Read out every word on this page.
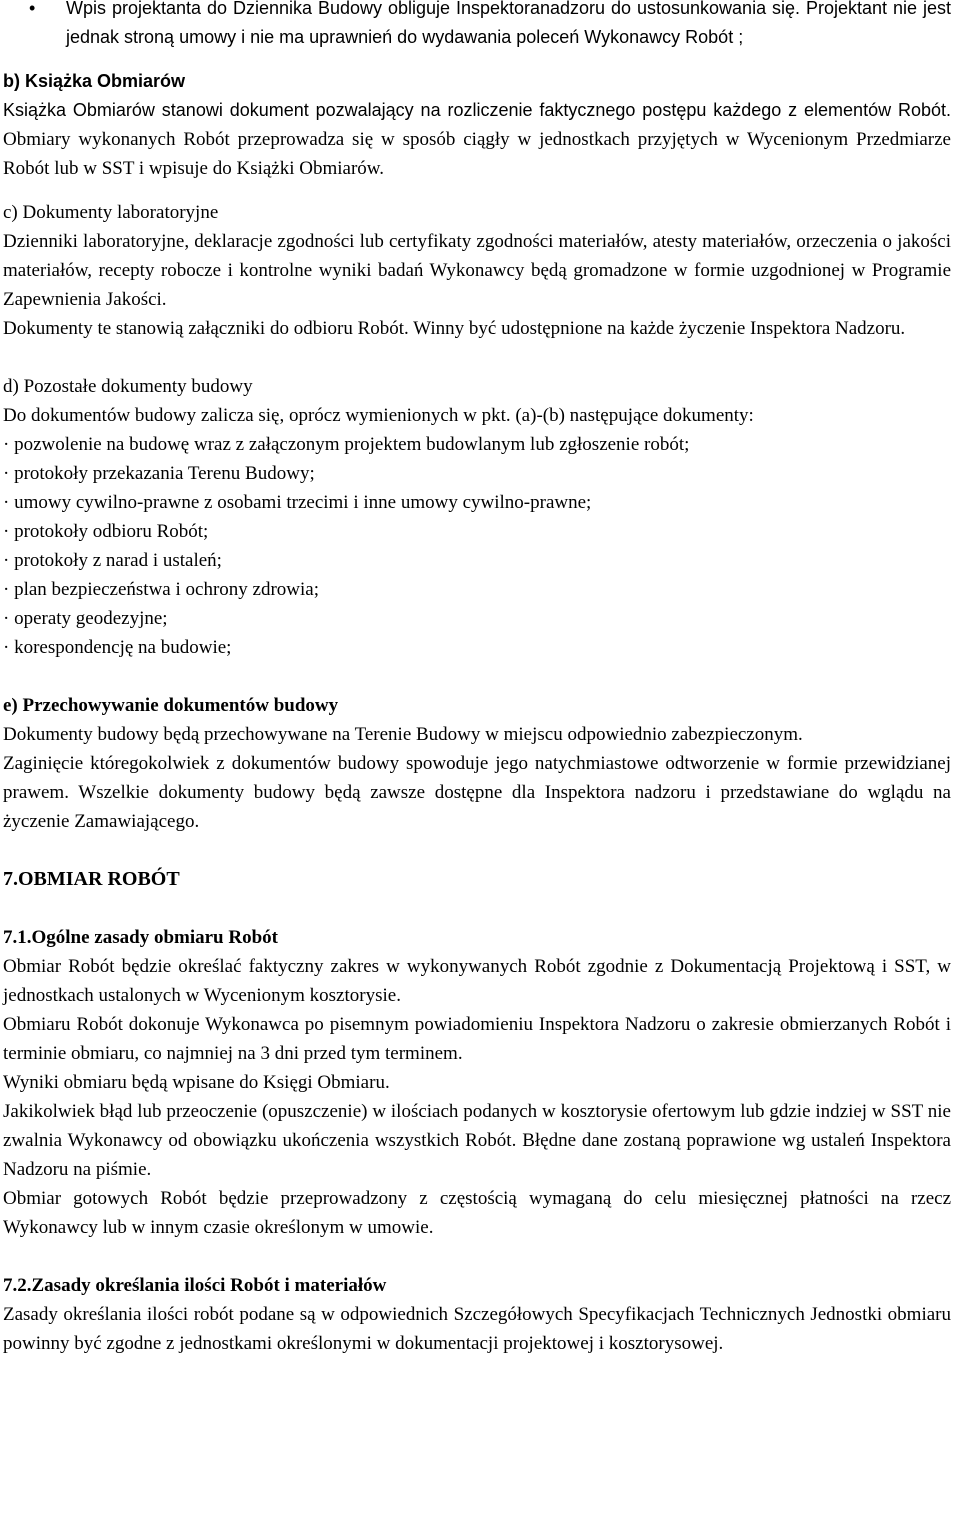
• Wpis projektanta do Dziennika Budowy obliguje Inspektoranadzoru do ustosunkowania się. Projektant nie jest jednak stroną umowy i nie ma uprawnień do wydawania poleceń Wykonawcy Robót ;

b) Książka Obmiarów

Książka Obmiarów stanowi dokument pozwalający na rozliczenie faktycznego postępu każdego z elementów Robót. Obmiary wykonanych Robót przeprowadza się w sposób ciągły w jednostkach przyjętych w Wycenionym Przedmiarze Robót lub w SST i wpisuje do Książki Obmiarów.

c) Dokumenty laboratoryjne

Dzienniki laboratoryjne, deklaracje zgodności lub certyfikaty zgodności materiałów, atesty materiałów, orzeczenia o jakości materiałów, recepty robocze i kontrolne wyniki badań Wykonawcy będą gromadzone w formie uzgodnionej w Programie Zapewnienia Jakości.

Dokumenty te stanowią załączniki do odbioru Robót. Winny być udostępnione na każde życzenie Inspektora Nadzoru.

d) Pozostałe dokumenty budowy

Do dokumentów budowy zalicza się, oprócz wymienionych w pkt. (a)-(b) następujące dokumenty:

· pozwolenie na budowę wraz z załączonym projektem budowlanym lub zgłoszenie robót;

· protokoły przekazania Terenu Budowy;

· umowy cywilno-prawne z osobami trzecimi i inne umowy cywilno-prawne;

· protokoły odbioru Robót;

· protokoły z narad i ustaleń;

· plan bezpieczeństwa i ochrony zdrowia;

· operaty geodezyjne;

· korespondencję na budowie;

e) Przechowywanie dokumentów budowy

Dokumenty budowy będą przechowywane na Terenie Budowy w miejscu odpowiednio zabezpieczonym.

Zaginięcie któregokolwiek z dokumentów budowy spowoduje jego natychmiastowe odtworzenie w formie przewidzianej prawem. Wszelkie dokumenty budowy będą zawsze dostępne dla Inspektora nadzoru i przedstawiane do wglądu na życzenie Zamawiającego.

7.OBMIAR ROBÓT

7.1.Ogólne zasady obmiaru Robót

Obmiar Robót będzie określać faktyczny zakres w wykonywanych Robót zgodnie z Dokumentacją Projektową i SST, w jednostkach ustalonych w Wycenionym kosztorysie.

Obmiaru Robót dokonuje Wykonawca po pisemnym powiadomieniu Inspektora Nadzoru o zakresie obmierzanych Robót i terminie obmiaru, co najmniej na 3 dni przed tym terminem.

Wyniki obmiaru będą wpisane do Księgi Obmiaru.

Jakikolwiek błąd lub przeoczenie (opuszczenie) w ilościach podanych w kosztorysie ofertowym lub gdzie indziej w SST nie zwalnia Wykonawcy od obowiązku ukończenia wszystkich Robót. Błędne dane zostaną poprawione wg ustaleń Inspektora Nadzoru na piśmie.

Obmiar gotowych Robót będzie przeprowadzony z częstością wymaganą do celu miesięcznej płatności na rzecz Wykonawcy lub w innym czasie określonym w umowie.

7.2.Zasady określania ilości Robót i materiałów

Zasady określania ilości robót podane są w odpowiednich Szczegółowych Specyfikacjach Technicznych Jednostki obmiaru powinny być zgodne z jednostkami określonymi w dokumentacji projektowej i kosztorysowej.
